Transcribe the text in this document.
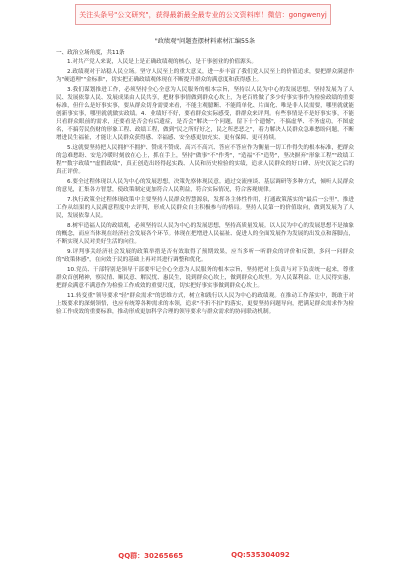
关注头条号"公文研究"，获得最新最全最专业的公文资料库！微信：gongwenyj
"政绩观"问题查摆材料素材汇编55条
一、政治立场角度，共11条

1.对共产党人来说，人民是上是正确政绩观的核心，是干事创业的价值源头。

2.政绩观对于站稳人民立场。坚守人民至上的重大意义，进一步丰富了我们党人民至上的价值追求，要把群众满意作为"硬道理""金标准"，切实把正确政绩观体现在不断提升群众的满意度和获得感上。

3.我们谋划推进工作，必须坚持全心全意为人民服务的根本宗旨，坚持以人民为中心的发展思想，坚持发展为了人民、发展依靠人民、发展成果由人民共享，把财事事情做到群众心坎上，为老百姓做了多少好事实事作为检验政绩的重要标准，但什么是好事实事，要从群众切身需要来看，不能主观臆断、不能简单化、片面化、唯是非人民需要，哪里就就能创新事实事，哪里就就做实政绩。4．业绩好不好，要看群众实际感受，群群众来评判。有些事情是不是好事实事，不能只看群众眼前的需求，还要看是否会有后遗症，是否会"解决一个问题，留下十个遗憾"，不搞虚华、不务虚功，不图虚名，不搞劳民伤财的形象工程、政绩工程，做到"民之所好好之，民之所恶恶之"，着力解决人民群众急难愁盼问题，不断增进民生福祉，才能让人民群众获得感、幸福感、安全感更加充实、更有保障、更可持续。

5.这就要坚持把人民拥护不拥护、赞成不赞成、高兴不高兴、答应不答应作为衡量一切工作得失的根本标准，把群众的急难愁盼、安危冷暖时刻放在心上，抓在手上，坚持"做事"不"作秀"，"造福"不"造势"，坚决摒弃"形象工程""政绩工程""数字政绩""虚假政绩"，真正创造出经得起实践、人民和历史检验的实绩，追求人民群众的好口碑、历史沉淀之后的真正评价。

6.要全过程体现以人民为中心的发展思想，决策先察体现民意。通过交流座谈、基层调研等多种方式，倾听人民群众的意见，汇集各方智慧，使政策制定更加符合人民利益，符合实际情况，符合客观规律。

7.执行政策全过程体现政策中主要坚持人民群众智慧源泉，发挥各主体性作用，打通政策落实的"最后一公里"，推进工作从结果的人民满意程度中去评判，形成人民群众自主积极参与的格局。坚持人民第一的价值取向，做到发展为了人民，发展依靠人民。

8.树牢造福人民的政绩观，必须坚持以人民为中心的发展思想，坚持高质量发展。以人民为中心的发展思想不是抽象的概念，而应当体现在经济社会发展各个环节。体现在把增进人民福祉、促进人的全面发展作为发展的出发点和落脚点，不断实现人民对美好生活的向往。

9.评判事关经济社会发展的政策举措是否有效取得了预期效果，应当多听一听群众的评价和反馈，多问一问群众的"政策体感"，在向效于民的基础上再对其进行调整和优化。

10.党员、干部特别是领导干部要牢记全心全意为人民服务的根本宗旨，坚持把对上负责与对下负责统一起来，尊重群众首创精神，察民情、顺民意、解民忧、惠民生，说到群众心坎上，做到群众心坎里。为人民谋利益、让人民得实惠，把群众满意不满意作为检验工作成效的重要尺度，切实把好事实事做到群众心坎上。

11.转变重"领导要求"轻"群众需求"的思维方式，树立和践行以人民为中心的政绩观。在推动工作落实中，既敢于对上级要求的深刻领悟，也应有统筹各种需求的本领，追求"不折不扣"的落实，更要坚持问题导向，把满足群众需求作为检验工作成效的重要标准，推动形成更加科学合理的领导要求与群众需求的协同联动机制。

QQ群：30265665	QQ:535304092
